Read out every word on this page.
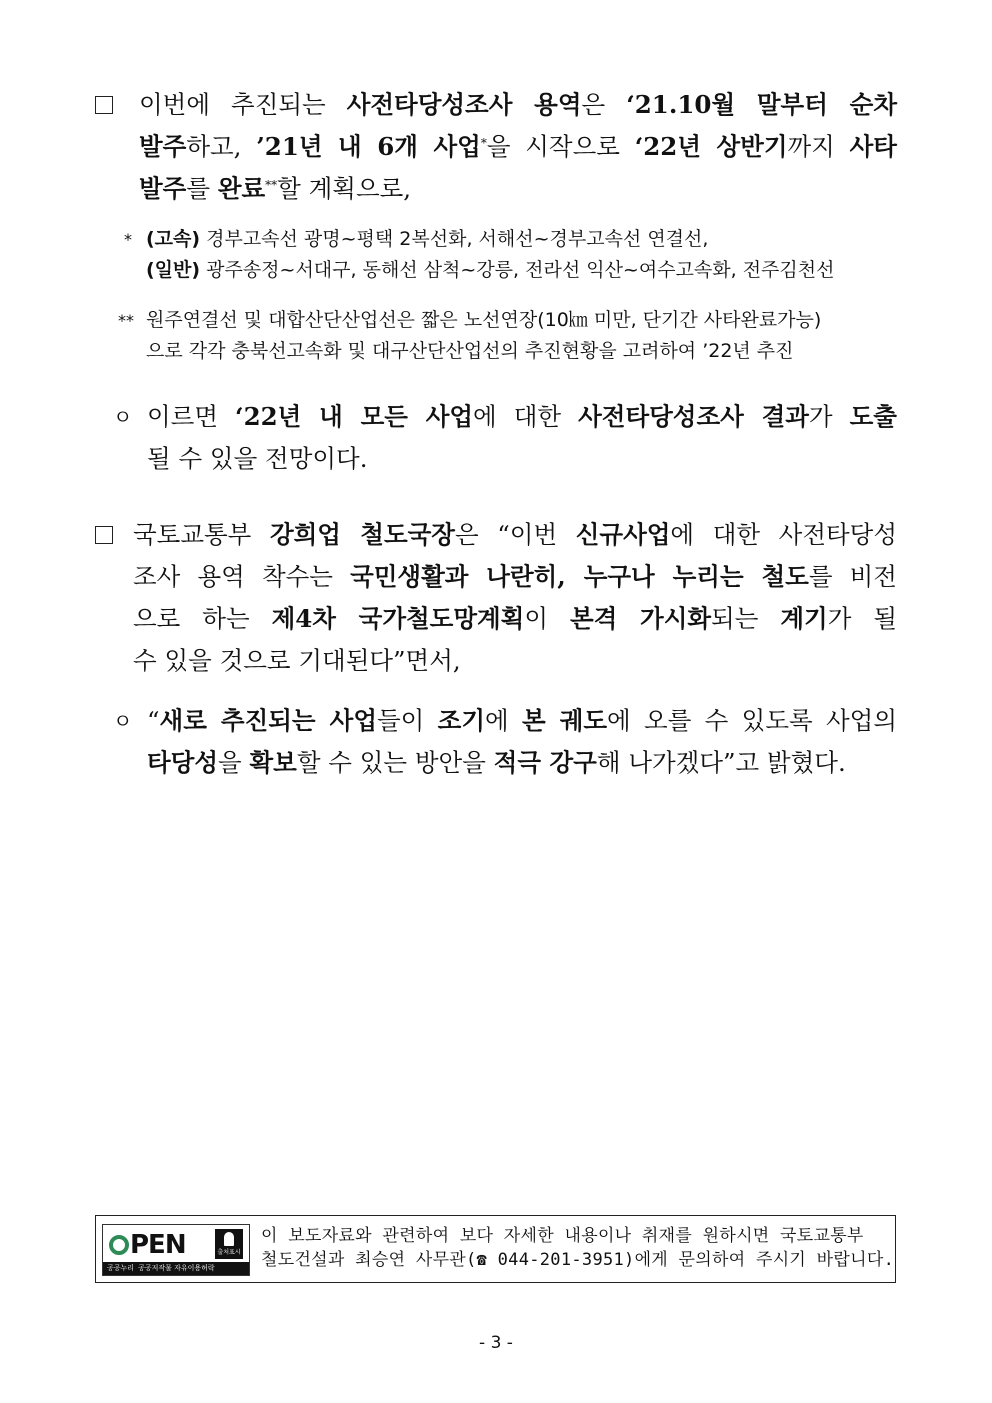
이번에 추진되는 사전타당성조사 용역은 ‘21.10월 말부터 순차
발주하고, ’21년 내 6개 사업*을 시작으로 ‘22년 상반기까지 사타
발주를 완료**할 계획으로,
* (고속) 경부고속선 광명~평택 2복선화, 서해선~경부고속선 연결선,
(일반) 광주송정~서대구, 동해선 삼척~강릉, 전라선 익산~여수고속화, 전주김천선
** 원주연결선 및 대합산단산업선은 짧은 노선연장(10㎞ 미만, 단기간 사타완료가능)
으로 각각 충북선고속화 및 대구산단산업선의 추진현황을 고려하여 ’22년 추진
ㅇ 이르면 ‘22년 내 모든 사업에 대한 사전타당성조사 결과가 도출
될 수 있을 전망이다.
국토교통부 강희업 철도국장은 “이번 신규사업에 대한 사전타당성
조사 용역 착수는 국민생활과 나란히, 누구나 누리는 철도를 비전
으로 하는 제4차 국가철도망계획이 본격 가시화되는 계기가 될
수 있을 것으로 기대된다”면서,
ㅇ “새로 추진되는 사업들이 조기에 본 궤도에 오를 수 있도록 사업의
타당성을 확보할 수 있는 방안을 적극 강구해 나가겠다”고 밝혔다.
PEN	출처표시
공공누리 공공저작물 자유이용허락
이 보도자료와 관련하여 보다 자세한 내용이나 취재를 원하시면 국토교통부
철도건설과 최승연 사무관(☎ 044-201-3951)에게 문의하여 주시기 바랍니다.
- 3 -
